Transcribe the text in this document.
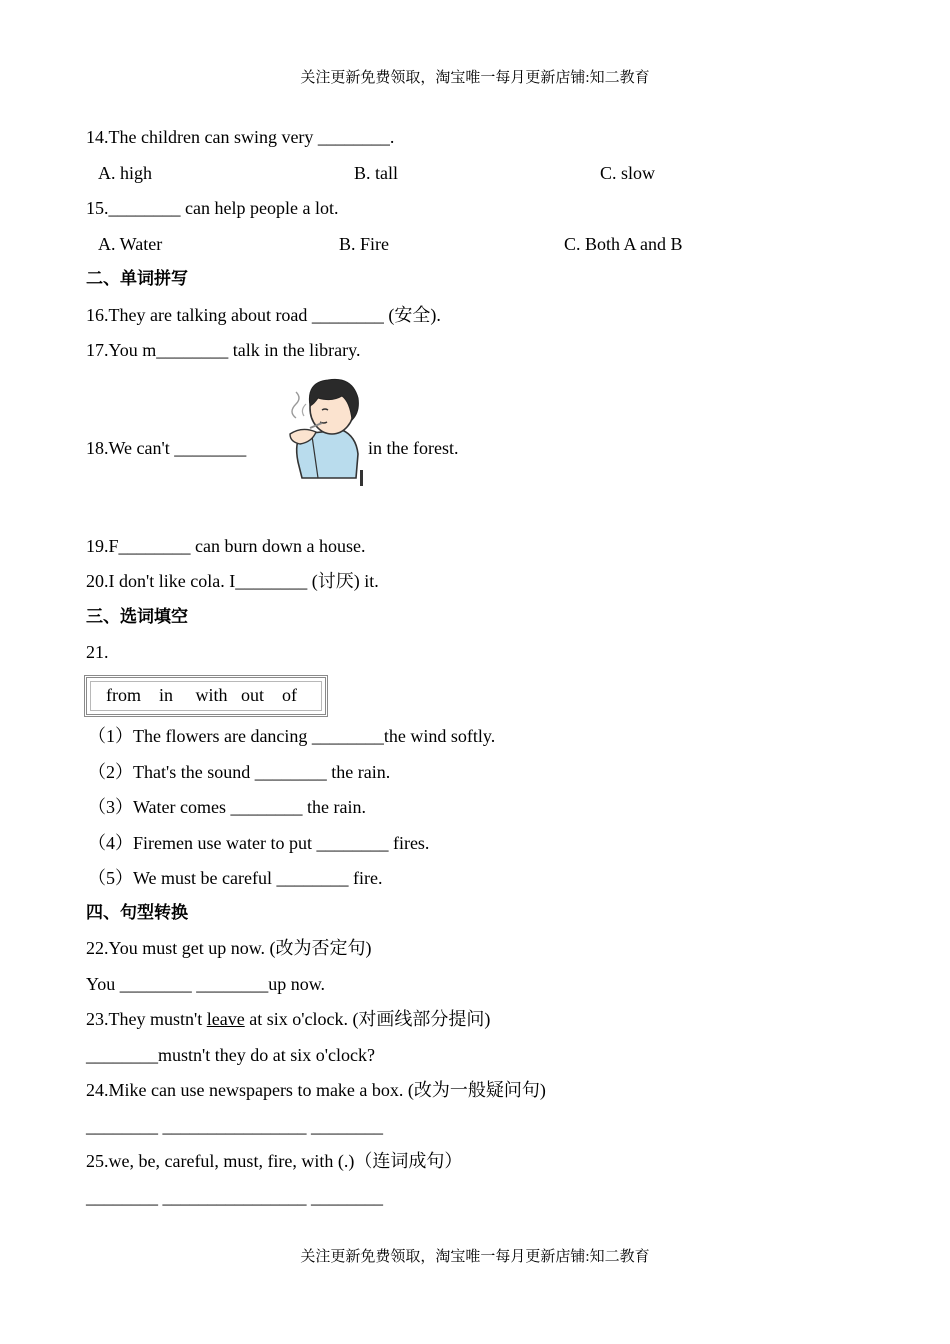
关注更新免费领取，淘宝唯一每月更新店铺:知二教育
14.The children can swing very ________.
A. high	B. tall	C. slow
15.________ can help people a lot.
A. Water	B. Fire	C. Both A and B
二、单词拼写
16.They are talking about road ________ (安全).
17.You m________ talk in the library.
18.We can't ________	in the forest.
19.F________ can burn down a house.
20.I don't like cola. I________ (讨厌) it.
三、选词填空
21.
from    in     with   out    of
（1）The flowers are dancing ________the wind softly.
（2）That's the sound ________ the rain.
（3）Water comes ________ the rain.
（4）Firemen use water to put ________ fires.
（5）We must be careful ________ fire.
四、句型转换
22.You must get up now. (改为否定句)
You ________ ________up now.
23.They mustn't leave at six o'clock. (对画线部分提问)
________mustn't they do at six o'clock?
24.Mike can use newspapers to make a box. (改为一般疑问句)
________ ________________ ________
25.we, be, careful, must, fire, with (.)（连词成句）
________ ________________ ________
关注更新免费领取，淘宝唯一每月更新店铺:知二教育
